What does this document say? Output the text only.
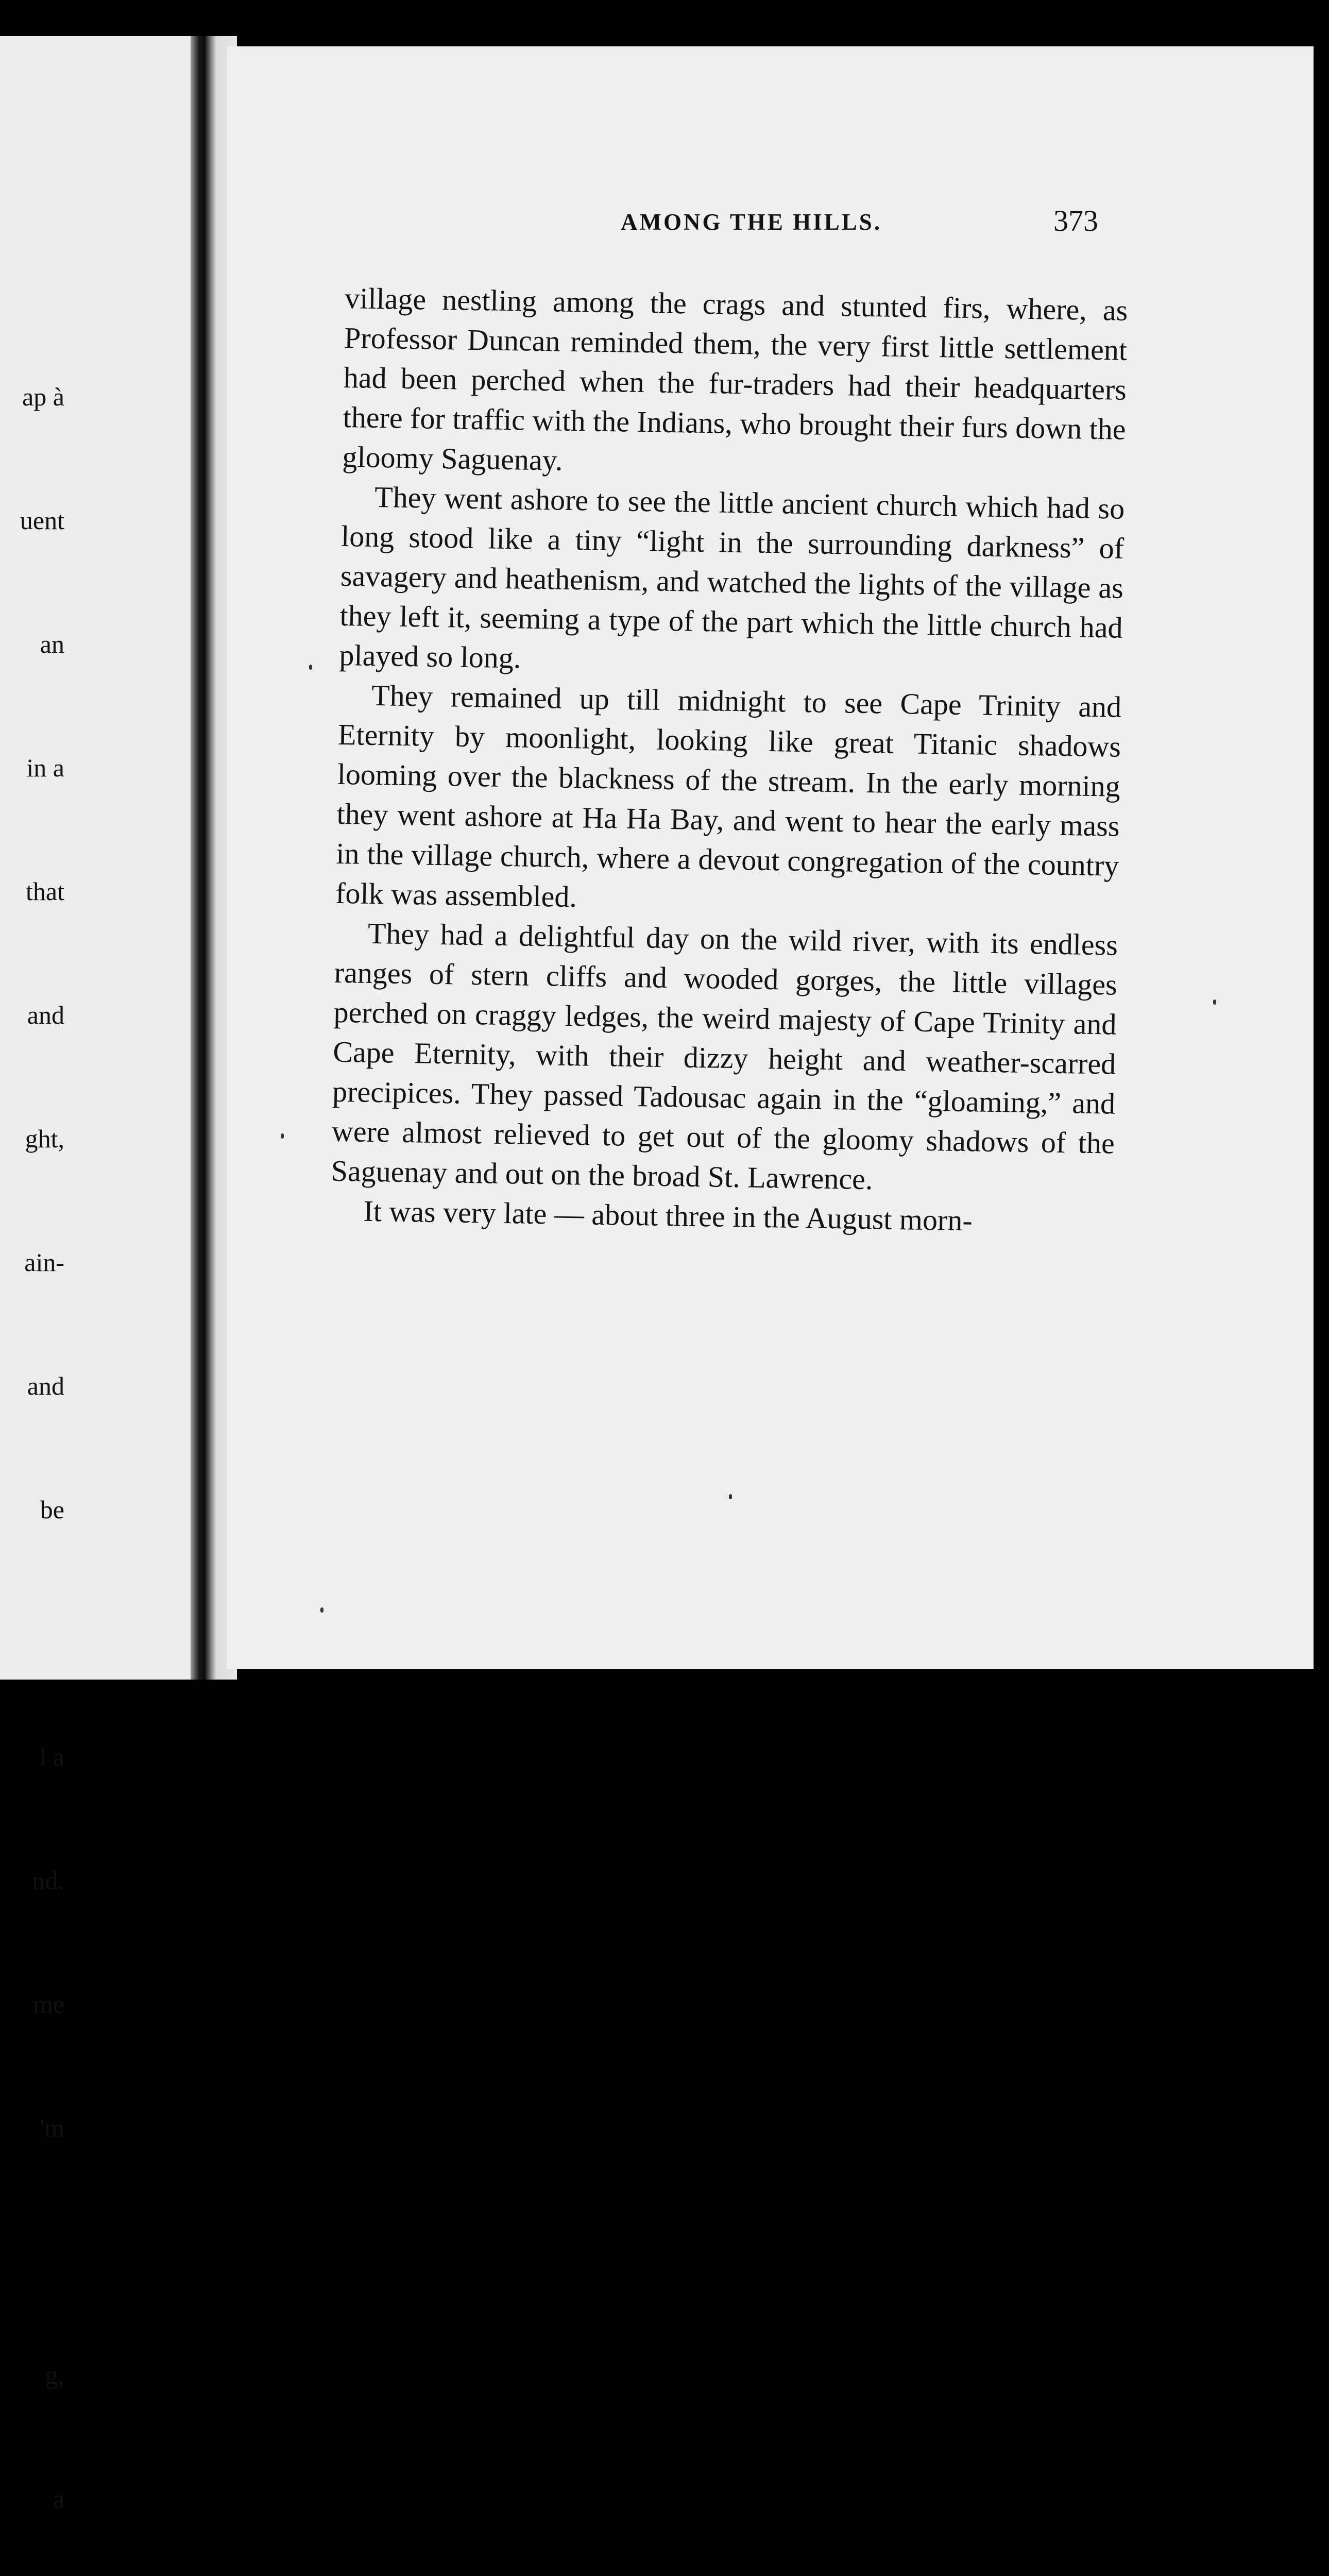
ap à

uent

an

in a

that

and

ght,

ain-

and

be

l a

nd.

me

'm

g,

a

AMONG THE HILLS.	373

village nestling among the crags and stunted firs, where, as Professor Duncan reminded them, the very first little settlement had been perched when the fur-traders had their headquarters there for traffic with the Indians, who brought their furs down the gloomy Saguenay.

They went ashore to see the little ancient church which had so long stood like a tiny “light in the surrounding darkness” of savagery and heathenism, and watched the lights of the village as they left it, seeming a type of the part which the little church had played so long.

They remained up till midnight to see Cape Trinity and Eternity by moonlight, looking like great Titanic shadows looming over the blackness of the stream. In the early morning they went ashore at Ha Ha Bay, and went to hear the early mass in the village church, where a devout congregation of the country folk was assembled.

They had a delightful day on the wild river, with its endless ranges of stern cliffs and wooded gorges, the little villages perched on craggy ledges, the weird majesty of Cape Trinity and Cape Eternity, with their dizzy height and weather-scarred precipices. They passed Tadousac again in the “gloaming,” and were almost relieved to get out of the gloomy shadows of the Saguenay and out on the broad St. Lawrence.

It was very late — about three in the August morn-
